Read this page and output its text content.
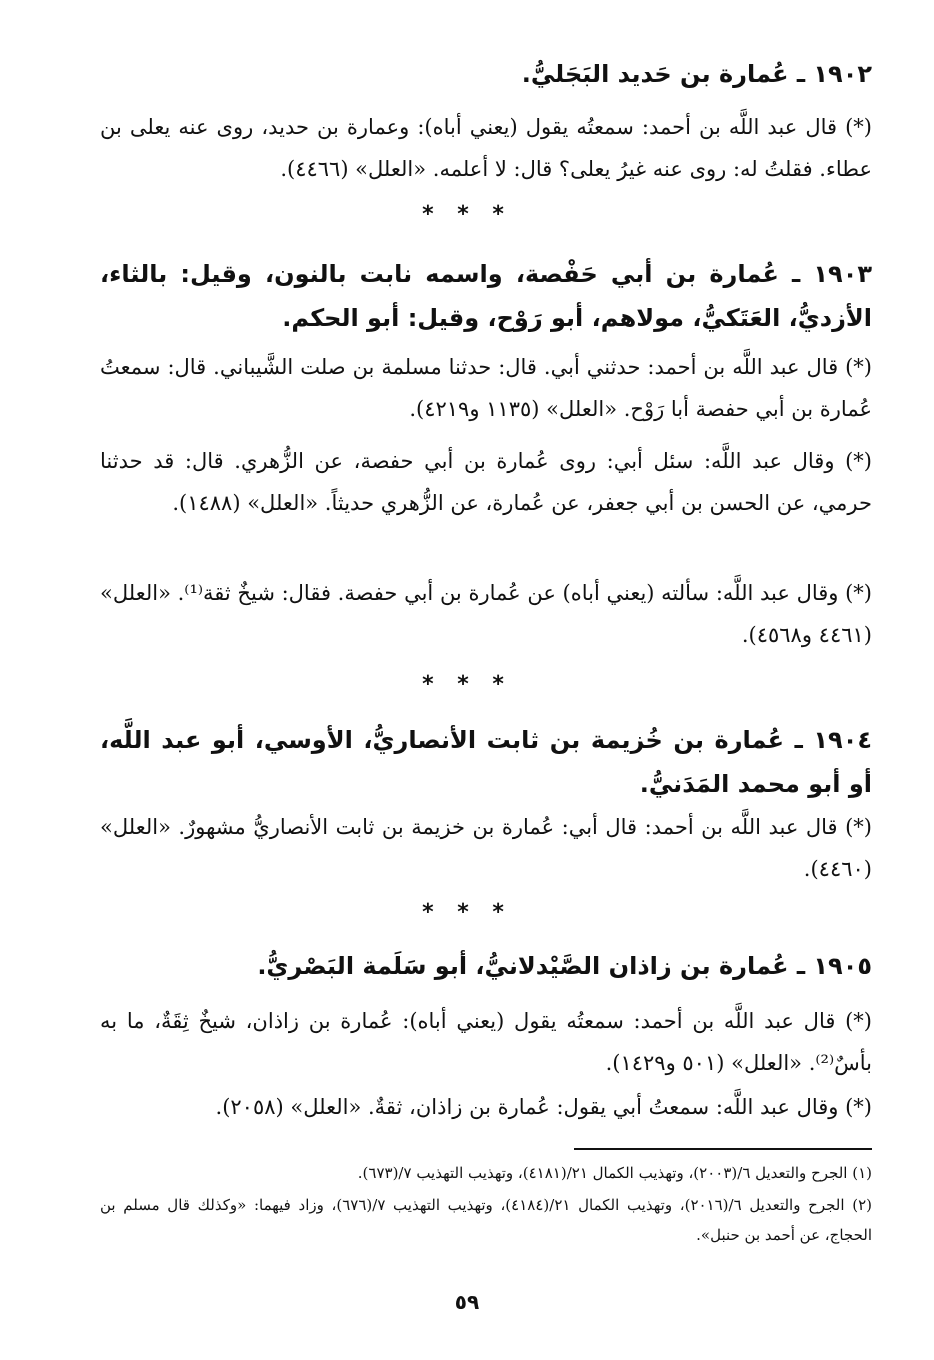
١٩٠٢ ـ عُمارة بن حَديد البَجَليُّ.
(*) قال عبد اللَّه بن أحمد: سمعتُه يقول (يعني أباه): وعمارة بن حديد، روى عنه يعلى بن عطاء. فقلتُ له: روى عنه غيرُ يعلى؟ قال: لا أعلمه. «العلل» (٤٤٦٦).
* * *
١٩٠٣ ـ عُمارة بن أبي حَفْصة، واسمه نابت بالنون، وقيل: بالثاء، الأزديُّ، العَتَكيُّ، مولاهم، أبو رَوْح، وقيل: أبو الحكم.
(*) قال عبد اللَّه بن أحمد: حدثني أبي. قال: حدثنا مسلمة بن صلت الشَّيباني. قال: سمعتُ عُمارة بن أبي حفصة أبا رَوْح. «العلل» (١١٣٥ و٤٢١٩).
(*) وقال عبد اللَّه: سئل أبي: روى عُمارة بن أبي حفصة، عن الزُّهري. قال: قد حدثنا حرمي، عن الحسن بن أبي جعفر، عن عُمارة، عن الزُّهري حديثاً. «العلل» (١٤٨٨).
(*) وقال عبد اللَّه: سألته (يعني أباه) عن عُمارة بن أبي حفصة. فقال: شيخٌ ثقة⁽¹⁾. «العلل» (٤٤٦١ و٤٥٦٨).
* * *
١٩٠٤ ـ عُمارة بن خُزيمة بن ثابت الأنصاريُّ، الأوسي، أبو عبد اللَّه، أو أبو محمد المَدَنيُّ.
(*) قال عبد اللَّه بن أحمد: قال أبي: عُمارة بن خزيمة بن ثابت الأنصاريُّ مشهورٌ. «العلل» (٤٤٦٠).
* * *
١٩٠٥ ـ عُمارة بن زاذان الصَّيْدلانيُّ، أبو سَلَمة البَصْريُّ.
(*) قال عبد اللَّه بن أحمد: سمعتُه يقول (يعني أباه): عُمارة بن زاذان، شيخٌ ثِقَةٌ، ما به بأسٌ⁽²⁾. «العلل» (٥٠١ و١٤٢٩).
(*) وقال عبد اللَّه: سمعتُ أبي يقول: عُمارة بن زاذان، ثقةٌ. «العلل» (٢٠٥٨).
(١) الجرح والتعديل ٦/(٢٠٠٣)، وتهذيب الكمال ٢١/(٤١٨١)، وتهذيب التهذيب ٧/(٦٧٣).
(٢) الجرح والتعديل ٦/(٢٠١٦)، وتهذيب الكمال ٢١/(٤١٨٤)، وتهذيب التهذيب ٧/(٦٧٦)، وزاد فيهما: «وكذلك قال مسلم بن الحجاج، عن أحمد بن حنبل».
٥٩
